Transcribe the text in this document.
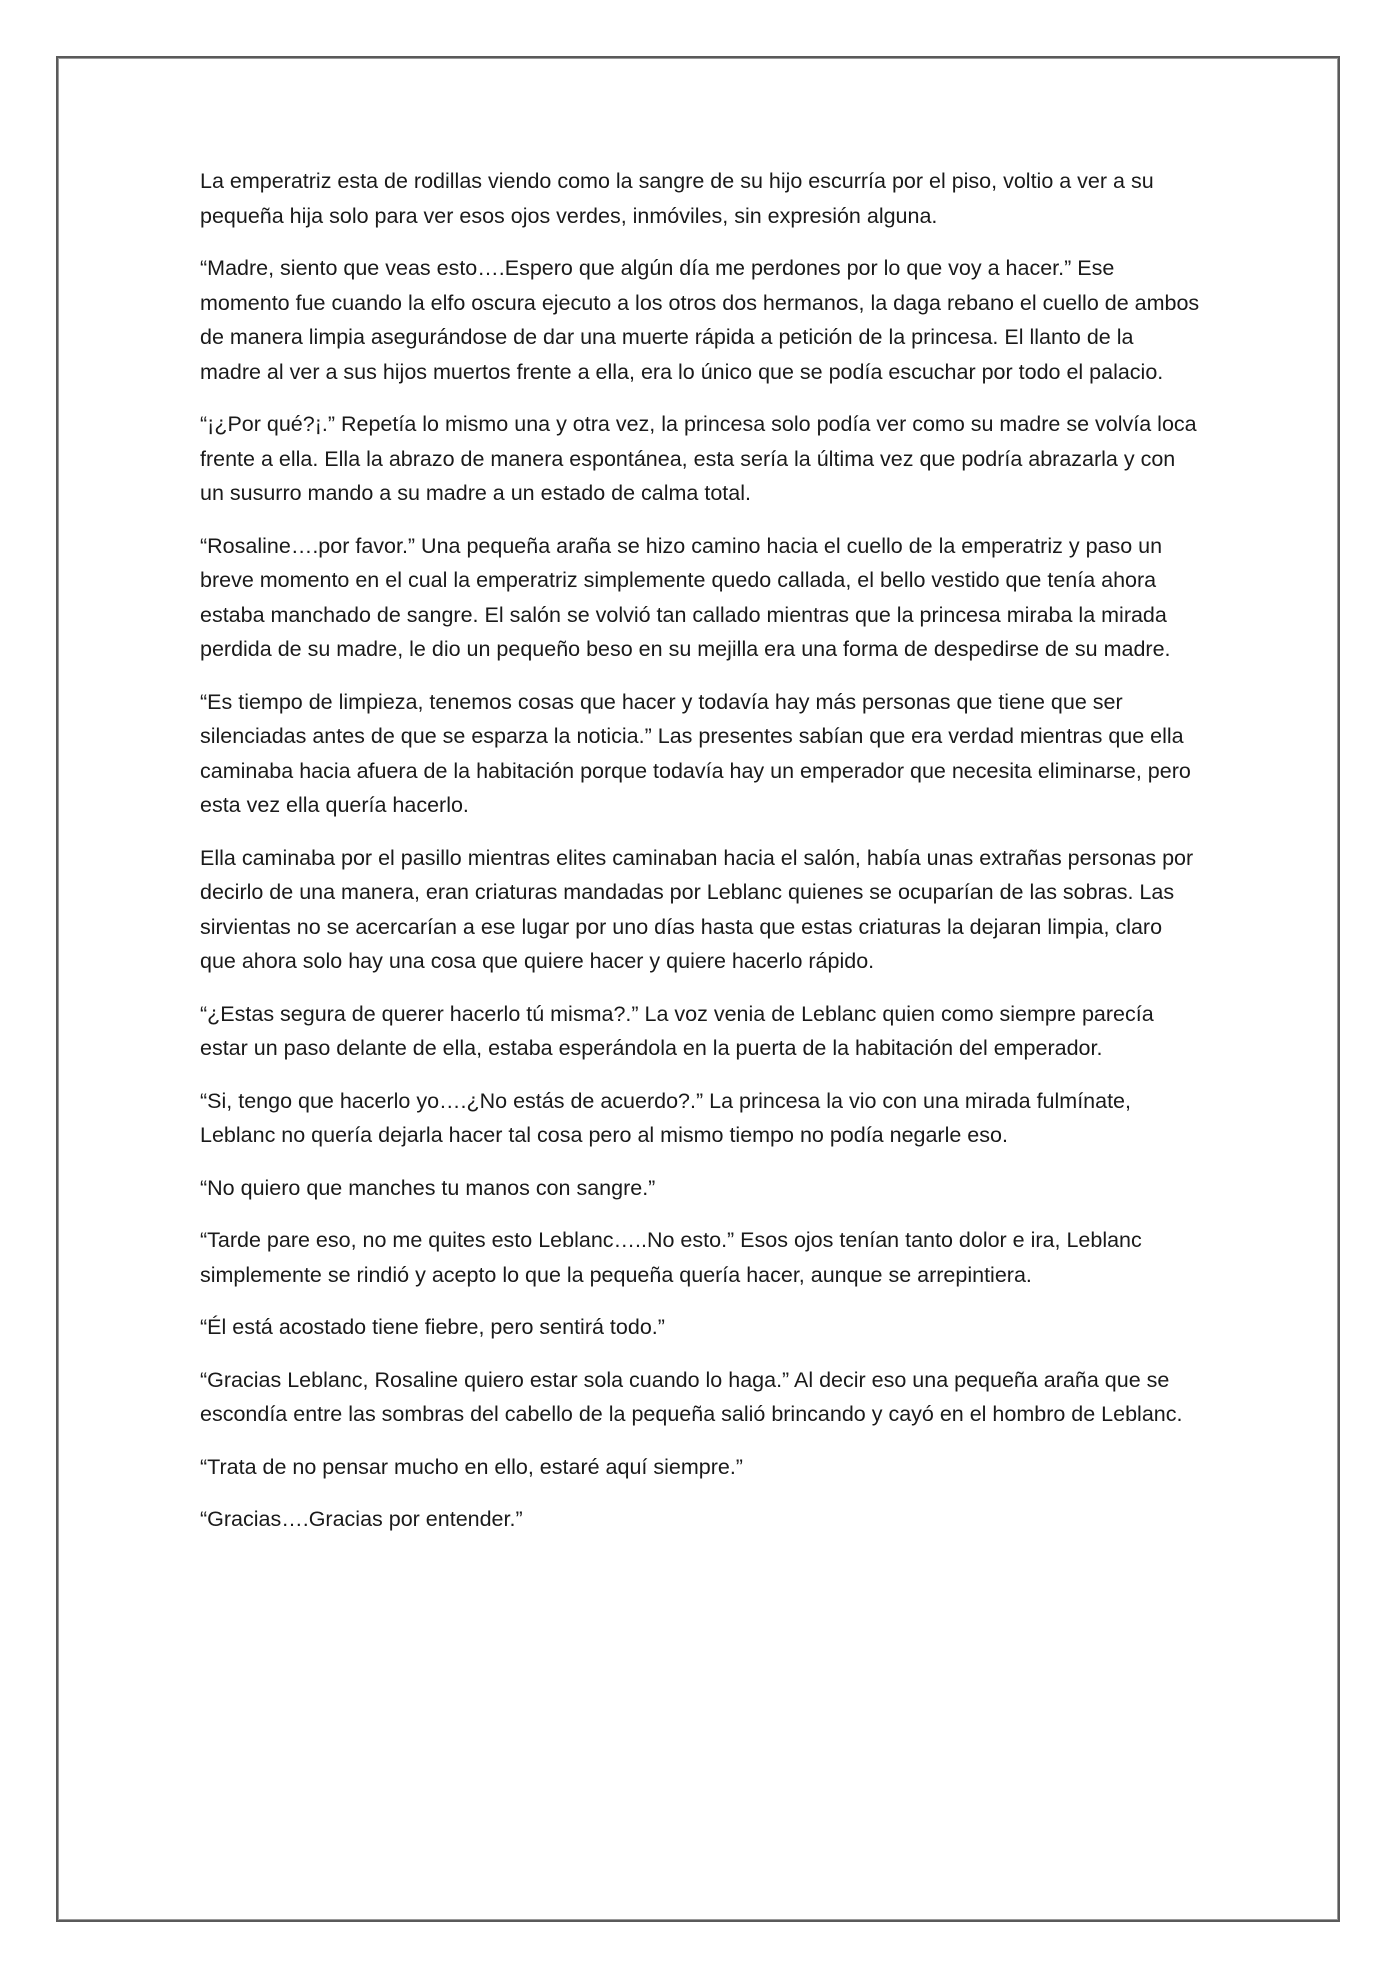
La emperatriz esta de rodillas viendo como la sangre de su hijo escurría por el piso, voltio a ver a su pequeña hija solo para ver esos ojos verdes, inmóviles, sin expresión alguna.

“Madre, siento que veas esto….Espero que algún día me perdones por lo que voy a hacer.” Ese momento fue cuando la elfo oscura ejecuto a los otros dos hermanos, la daga rebano el cuello de ambos de manera limpia asegurándose de dar una muerte rápida a petición de la princesa. El llanto de la madre al ver a sus hijos muertos frente a ella, era lo único que se podía escuchar por todo el palacio.

“¡¿Por qué?¡.” Repetía lo mismo una y otra vez, la princesa solo podía ver como su madre se volvía loca frente a ella. Ella la abrazo de manera espontánea, esta sería la última vez que podría abrazarla y con un susurro mando a su madre a un estado de calma total.

“Rosaline….por favor.” Una pequeña araña se hizo camino hacia el cuello de la emperatriz y paso un breve momento en el cual la emperatriz simplemente quedo callada, el bello vestido que tenía ahora estaba manchado de sangre. El salón se volvió tan callado mientras que la princesa miraba la mirada perdida de su madre, le dio un pequeño beso en su mejilla era una forma de despedirse de su madre.

“Es tiempo de limpieza, tenemos cosas que hacer y todavía hay más personas que tiene que ser silenciadas antes de que se esparza la noticia.” Las presentes sabían que era verdad mientras que ella caminaba hacia afuera de la habitación porque todavía hay un emperador que necesita eliminarse, pero esta vez ella quería hacerlo.

Ella caminaba por el pasillo mientras elites caminaban hacia el salón, había unas extrañas personas por decirlo de una manera, eran criaturas mandadas por Leblanc quienes se ocuparían de las sobras. Las sirvientas no se acercarían a ese lugar por uno días hasta que estas criaturas la dejaran limpia, claro que ahora solo hay una cosa que quiere hacer y quiere hacerlo rápido.

“¿Estas segura de querer hacerlo tú misma?.” La voz venia de Leblanc quien como siempre parecía estar un paso delante de ella, estaba esperándola en la puerta de la habitación del emperador.

“Si, tengo que hacerlo yo….¿No estás de acuerdo?.” La princesa la vio con una mirada fulmínate, Leblanc no quería dejarla hacer tal cosa pero al mismo tiempo no podía negarle eso.

“No quiero que manches tu manos con sangre.”

“Tarde pare eso, no me quites esto Leblanc…..No esto.” Esos ojos tenían tanto dolor e ira, Leblanc simplemente se rindió y acepto lo que la pequeña quería hacer, aunque se arrepintiera.

“Él está acostado tiene fiebre, pero sentirá todo.”

“Gracias Leblanc, Rosaline quiero estar sola cuando lo haga.” Al decir eso una pequeña araña que se escondía entre las sombras del cabello de la pequeña salió brincando y cayó en el hombro de Leblanc.

“Trata de no pensar mucho en ello, estaré aquí siempre.”

“Gracias….Gracias por entender.”
